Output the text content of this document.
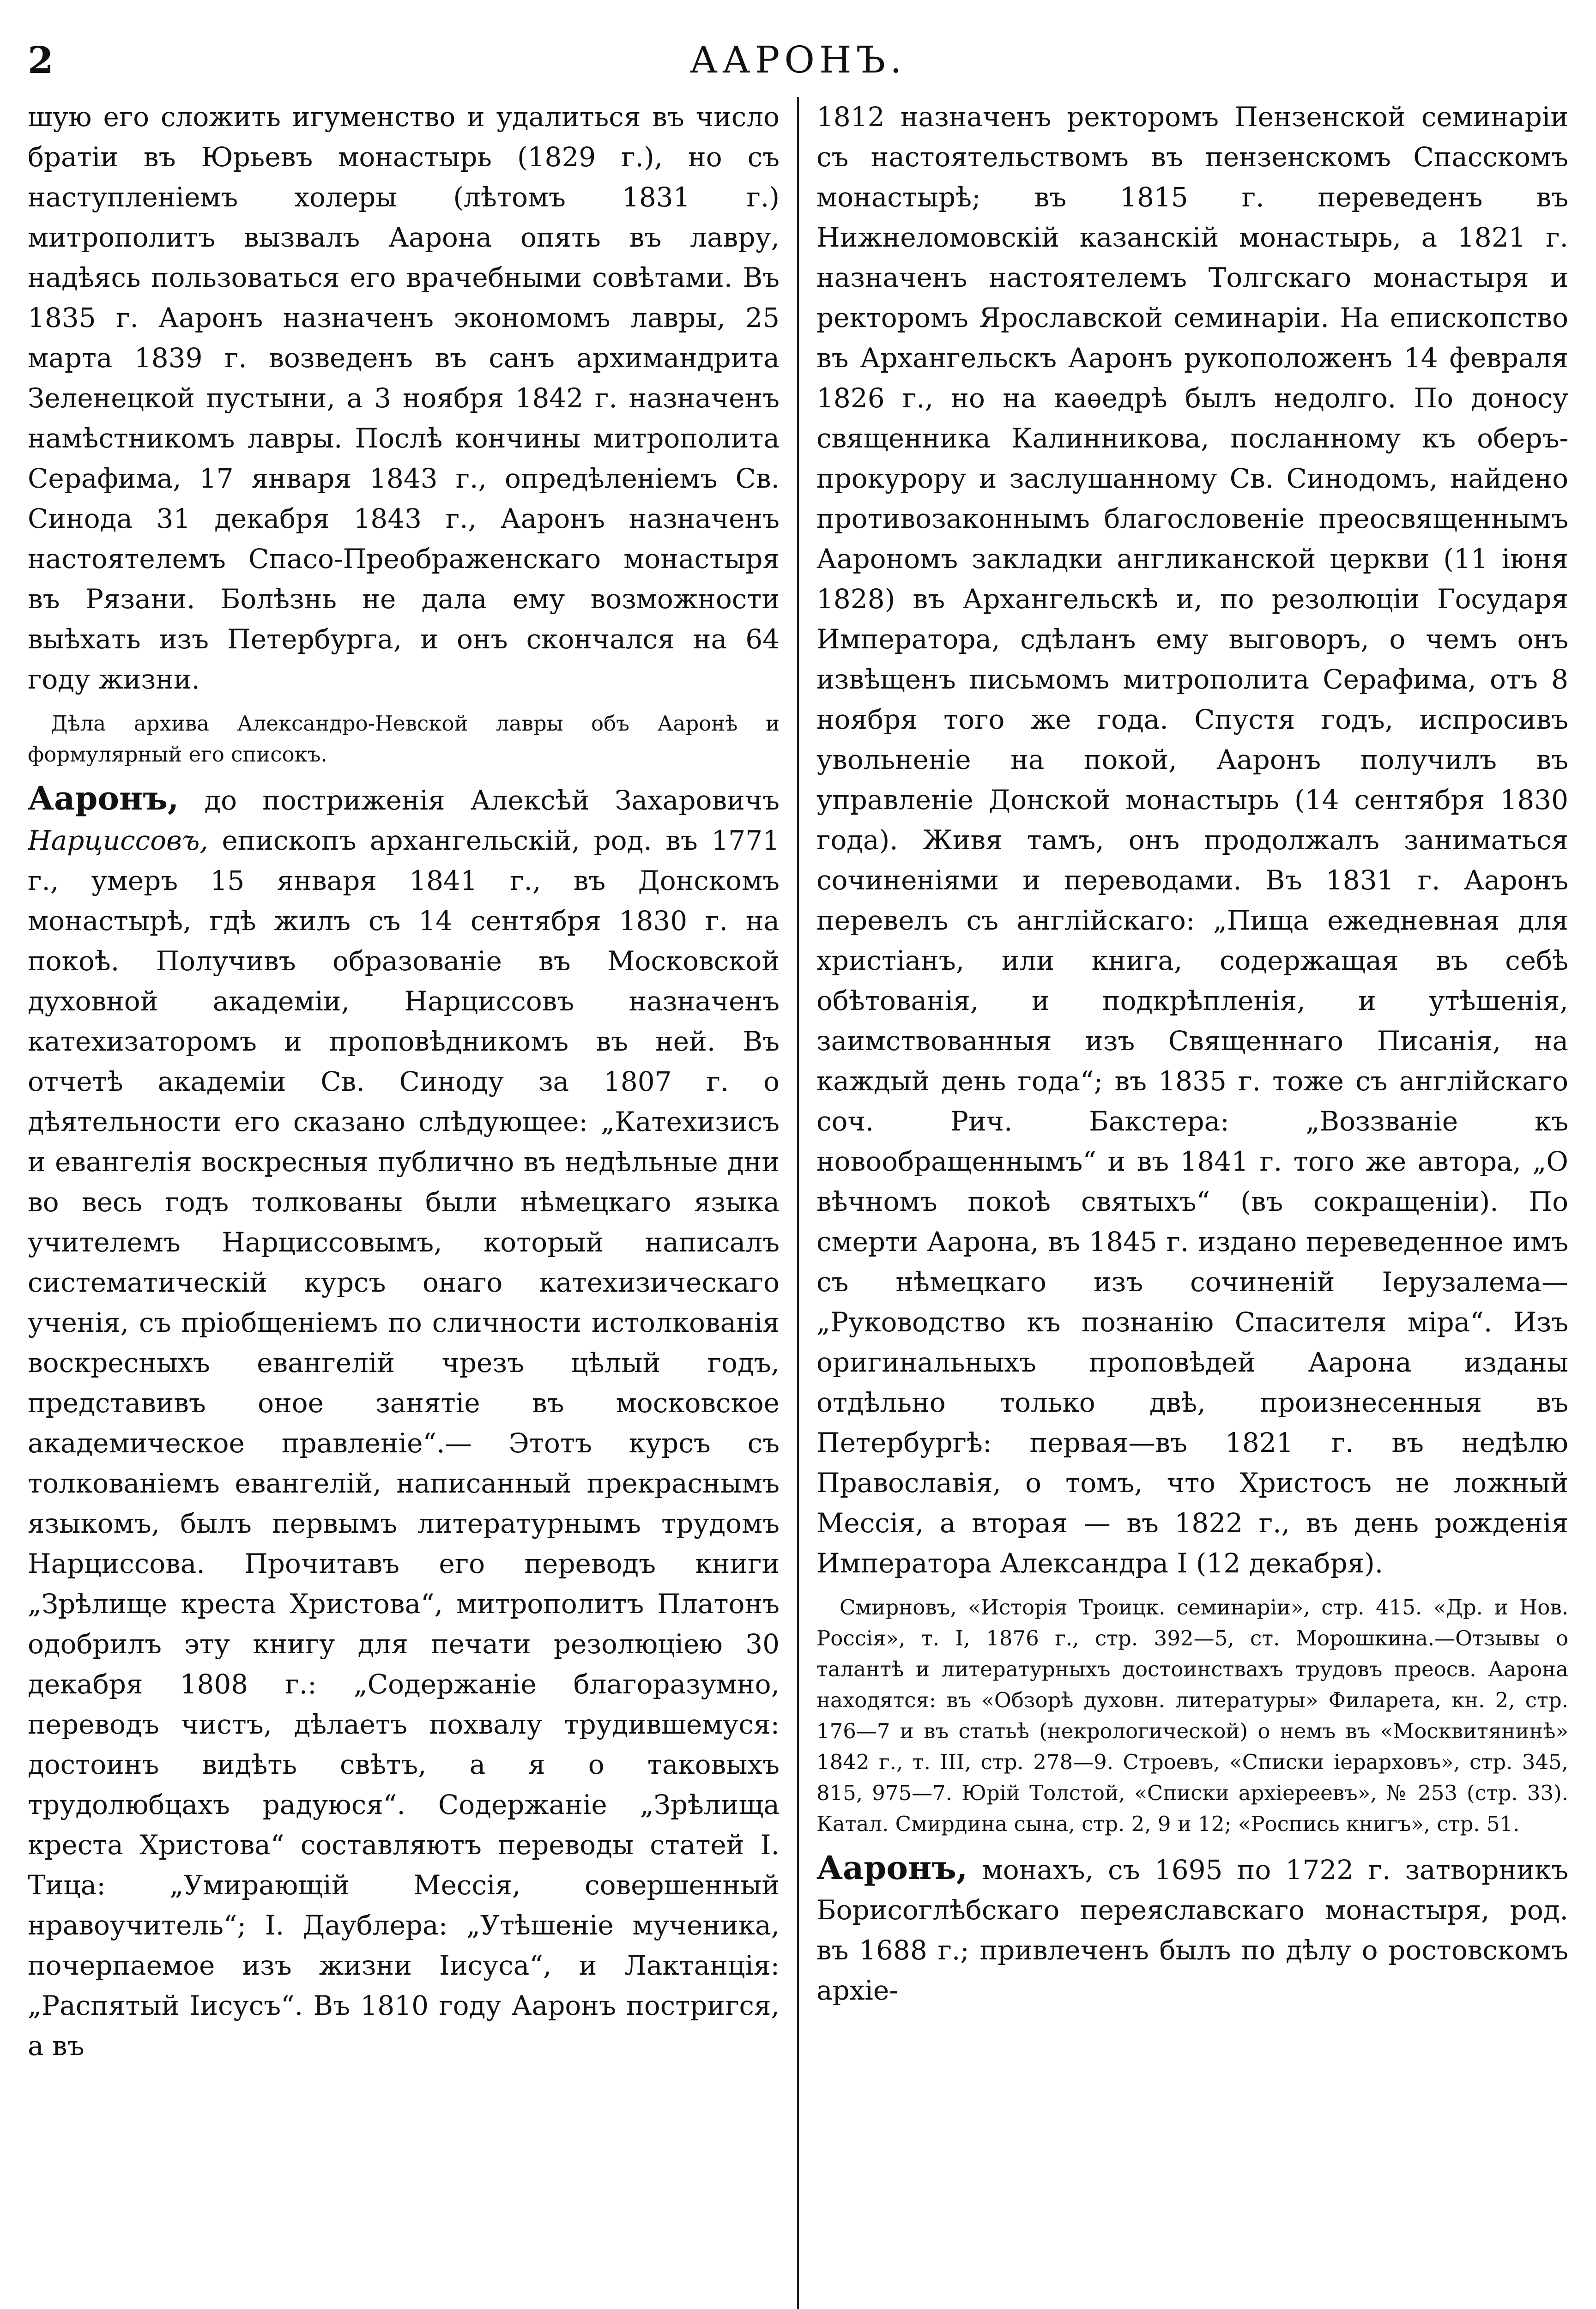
2	ААРОНЪ.

шую его сложить игуменство и удалиться въ число братіи въ Юрьевъ монастырь (1829 г.), но съ наступленіемъ холеры (лѣтомъ 1831 г.) митрополитъ вызвалъ Аарона опять въ лавру, надѣясь пользоваться его врачебными совѣтами. Въ 1835 г. Ааронъ назначенъ экономомъ лавры, 25 марта 1839 г. возведенъ въ санъ архимандрита Зеленецкой пустыни, а 3 ноября 1842 г. назначенъ намѣстникомъ лавры. Послѣ кончины митрополита Серафима, 17 января 1843 г., опредѣленіемъ Св. Синода 31 декабря 1843 г., Ааронъ назначенъ настоятелемъ Спасо-Преображенскаго монастыря въ Рязани. Болѣзнь не дала ему возможности выѣхать изъ Петербурга, и онъ скончался на 64 году жизни.

Дѣла архива Александро-Невской лавры объ Ааронѣ и формулярный его списокъ.

Ааронъ, до постриженія Алексѣй Захаровичъ Нарциссовъ, епископъ архангельскій, род. въ 1771 г., умеръ 15 января 1841 г., въ Донскомъ монастырѣ, гдѣ жилъ съ 14 сентября 1830 г. на покоѣ. Получивъ образованіе въ Московской духовной академіи, Нарциссовъ назначенъ катехизаторомъ и проповѣдникомъ въ ней. Въ отчетѣ академіи Св. Синоду за 1807 г. о дѣятельности его сказано слѣдующее: „Катехизисъ и евангелія воскресныя публично въ недѣльные дни во весь годъ толкованы были нѣмецкаго языка учителемъ Нарциссовымъ, который написалъ систематическій курсъ онаго катехизическаго ученія, съ пріобщеніемъ по сличности истолкованія воскресныхъ евангелій чрезъ цѣлый годъ, представивъ оное занятіе въ московское академическое правленіе“.— Этотъ курсъ съ толкованіемъ евангелій, написанный прекраснымъ языкомъ, былъ первымъ литературнымъ трудомъ Нарциссова. Прочитавъ его переводъ книги „Зрѣлище креста Христова“, митрополитъ Платонъ одобрилъ эту книгу для печати резолюціею 30 декабря 1808 г.: „Содержаніе благоразумно, переводъ чистъ, дѣлаетъ похвалу трудившемуся: достоинъ видѣть свѣтъ, а я о таковыхъ трудолюбцахъ радуюся“. Содержаніе „Зрѣлища креста Христова“ составляютъ переводы статей І. Тица: „Умирающій Мессія, совершенный нравоучитель“; І. Даублера: „Утѣшеніе мученика, почерпаемое изъ жизни Іисуса“, и Лактанція: „Распятый Іисусъ“. Въ 1810 году Ааронъ постригся, а въ

1812 назначенъ ректоромъ Пензенской семинаріи съ настоятельствомъ въ пензенскомъ Спасскомъ монастырѣ; въ 1815 г. переведенъ въ Нижнеломовскій казанскій монастырь, а 1821 г. назначенъ настоятелемъ Толгскаго монастыря и ректоромъ Ярославской семинаріи. На епископство въ Архангельскъ Ааронъ рукоположенъ 14 февраля 1826 г., но на каѳедрѣ былъ недолго. По доносу священника Калинникова, посланному къ оберъ-прокурору и заслушанному Св. Синодомъ, найдено противозаконнымъ благословеніе преосвященнымъ Аарономъ закладки англиканской церкви (11 іюня 1828) въ Архангельскѣ и, по резолюціи Государя Императора, сдѣланъ ему выговоръ, о чемъ онъ извѣщенъ письмомъ митрополита Серафима, отъ 8 ноября того же года. Спустя годъ, испросивъ увольненіе на покой, Ааронъ получилъ въ управленіе Донской монастырь (14 сентября 1830 года). Живя тамъ, онъ продолжалъ заниматься сочиненіями и переводами. Въ 1831 г. Ааронъ перевелъ съ англійскаго: „Пища ежедневная для христіанъ, или книга, содержащая въ себѣ обѣтованія, и подкрѣпленія, и утѣшенія, заимствованныя изъ Священнаго Писанія, на каждый день года“; въ 1835 г. тоже съ англійскаго соч. Рич. Бакстера: „Воззваніе къ новообращеннымъ“ и въ 1841 г. того же автора, „О вѣчномъ покоѣ святыхъ“ (въ сокращеніи). По смерти Аарона, въ 1845 г. издано переведенное имъ съ нѣмецкаго изъ сочиненій Іерузалема— „Руководство къ познанію Спасителя міра“. Изъ оригинальныхъ проповѣдей Аарона изданы отдѣльно только двѣ, произнесенныя въ Петербургѣ: первая—въ 1821 г. въ недѣлю Православія, о томъ, что Христосъ не ложный Мессія, а вторая — въ 1822 г., въ день рожденія Императора Александра I (12 декабря).

Смирновъ, «Исторія Троицк. семинаріи», стр. 415. «Др. и Нов. Россія», т. I, 1876 г., стр. 392—5, ст. Морошкина.—Отзывы о талантѣ и литературныхъ достоинствахъ трудовъ преосв. Аарона находятся: въ «Обзорѣ духовн. литературы» Филарета, кн. 2, стр. 176—7 и въ статьѣ (некрологической) о немъ въ «Москвитянинѣ» 1842 г., т. III, стр. 278—9. Строевъ, «Списки іерарховъ», стр. 345, 815, 975—7. Юрій Толстой, «Списки архіереевъ», № 253 (стр. 33). Катал. Смирдина сына, стр. 2, 9 и 12; «Роспись книгъ», стр. 51.

Ааронъ, монахъ, съ 1695 по 1722 г. затворникъ Борисоглѣбскаго переяславскаго монастыря, род. въ 1688 г.; привлеченъ былъ по дѣлу о ростовскомъ архіе-
